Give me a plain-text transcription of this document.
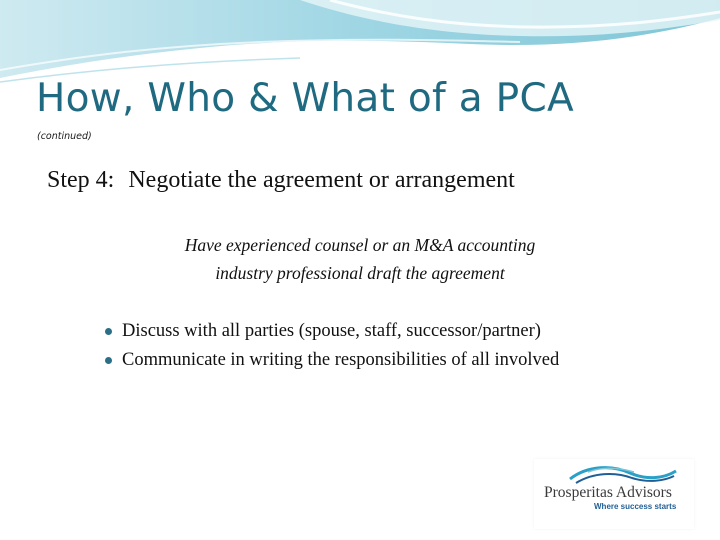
How, Who & What of a PCA
(continued)
Step 4: Negotiate the agreement or arrangement
Have experienced counsel or an M&A accounting
industry professional draft the agreement
Discuss with all parties (spouse, staff, successor/partner)
Communicate in writing the responsibilities of all involved
Prosperitas Advisors
Where success starts
